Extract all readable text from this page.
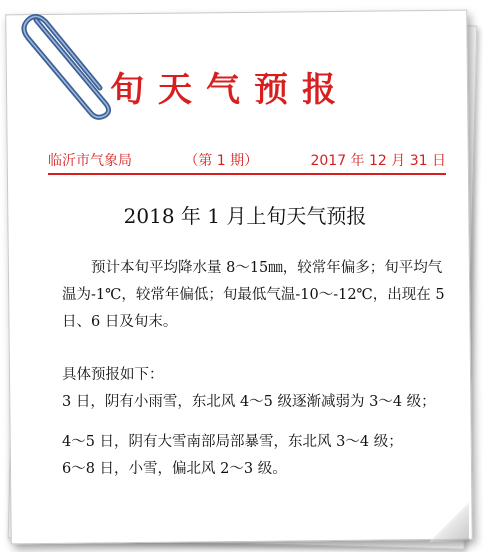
旬天气预报
临沂市气象局	（第 1 期）	2017 年 12 月 31 日
2018 年 1 月上旬天气预报
预计本旬平均降水量 8～15㎜，较常年偏多；旬平均气温为-1℃，较常年偏低；旬最低气温-10～-12℃，出现在 5 日、6 日及旬末。
具体预报如下：
3 日，阴有小雨雪，东北风 4～5 级逐渐减弱为 3～4 级；
4～5 日，阴有大雪南部局部暴雪，东北风 3～4 级；
6～8 日，小雪，偏北风 2～3 级。
